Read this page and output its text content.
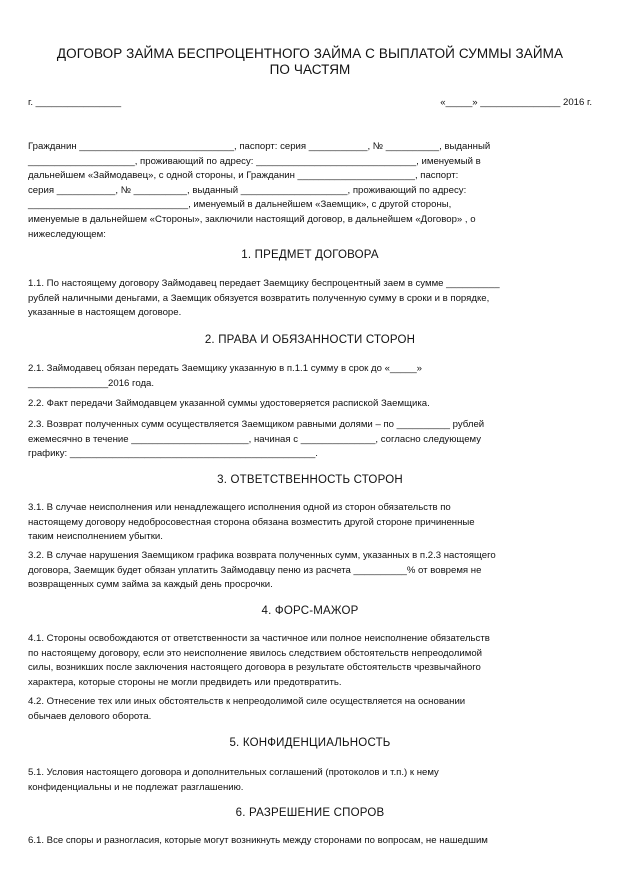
ДОГОВОР ЗАЙМА БЕСПРОЦЕНТНОГО ЗАЙМА С ВЫПЛАТОЙ СУММЫ ЗАЙМА
ПО ЧАСТЯМ
г. ________________	«_____» _______________ 2016 г.
Гражданин _____________________________, паспорт: серия ___________, № __________, выданный
____________________, проживающий по адресу: ______________________________, именуемый в
дальнейшем «Займодавец», с одной стороны, и Гражданин ______________________, паспорт:
серия ___________, № __________, выданный ____________________, проживающий по адресу:
______________________________, именуемый в дальнейшем «Заемщик», с другой стороны,
именуемые в дальнейшем «Стороны», заключили настоящий договор, в дальнейшем «Договор» , о
нижеследующем:
1. ПРЕДМЕТ ДОГОВОРА
1.1. По настоящему договору Займодавец передает Заемщику беспроцентный заем в сумме __________
рублей наличными деньгами, а Заемщик обязуется возвратить полученную сумму в сроки и в порядке,
указанные в настоящем договоре.
2. ПРАВА И ОБЯЗАННОСТИ СТОРОН
2.1. Займодавец обязан передать Заемщику указанную в п.1.1 сумму в срок до «_____»
_______________2016 года.
2.2. Факт передачи Займодавцем указанной суммы удостоверяется распиской Заемщика.
2.3. Возврат полученных сумм осуществляется Заемщиком равными долями – по __________ рублей
ежемесячно в течение ______________________, начиная с ______________, согласно следующему
графику: ______________________________________________.
3. ОТВЕТСТВЕННОСТЬ СТОРОН
3.1. В случае неисполнения или ненадлежащего исполнения одной из сторон обязательств по
настоящему договору недобросовестная сторона обязана возместить другой стороне причиненные
таким неисполнением убытки.
3.2. В случае нарушения Заемщиком графика возврата полученных сумм, указанных в п.2.3 настоящего
договора, Заемщик будет обязан уплатить Займодавцу пеню из расчета __________% от вовремя не
возвращенных сумм займа за каждый день просрочки.
4. ФОРС-МАЖОР
4.1. Стороны освобождаются от ответственности за частичное или полное неисполнение обязательств
по настоящему договору, если это неисполнение явилось следствием обстоятельств непреодолимой
силы, возникших после заключения настоящего договора в результате обстоятельств чрезвычайного
характера, которые стороны не могли предвидеть или предотвратить.
4.2. Отнесение тех или иных обстоятельств к непреодолимой силе осуществляется на основании
обычаев делового оборота.
5. КОНФИДЕНЦИАЛЬНОСТЬ
5.1. Условия настоящего договора и дополнительных соглашений (протоколов и т.п.) к нему
конфиденциальны и не подлежат разглашению.
6. РАЗРЕШЕНИЕ СПОРОВ
6.1. Все споры и разногласия, которые могут возникнуть между сторонами по вопросам, не нашедшим
